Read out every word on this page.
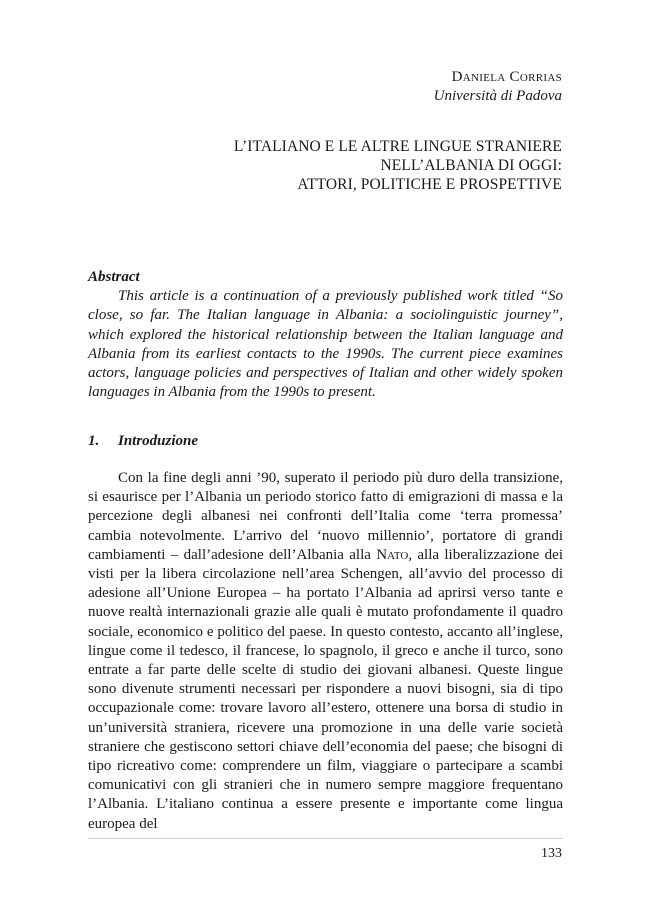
Daniela Corrias
Università di Padova
L’ITALIANO E LE ALTRE LINGUE STRANIERE
NELL’ALBANIA DI OGGI:
ATTORI, POLITICHE E PROSPETTIVE
Abstract

This article is a continuation of a previously published work titled “So close, so far. The Italian language in Albania: a sociolinguistic journey”, which explored the historical relationship between the Italian language and Albania from its earliest contacts to the 1990s. The current piece examines actors, language policies and perspectives of Italian and other widely spoken languages in Albania from the 1990s to present.

1. Introduzione

Con la fine degli anni ’90, superato il periodo più duro della transizione, si esaurisce per l’Albania un periodo storico fatto di emigrazioni di massa e la percezione degli albanesi nei confronti dell’Italia come ‘terra promessa’ cambia notevolmente. L’arrivo del ‘nuovo millennio’, portatore di grandi cambiamenti – dall’adesione dell’Albania alla Nato, alla liberalizzazione dei visti per la libera circolazione nell’area Schengen, all’avvio del processo di adesione all’Unione Europea – ha portato l’Albania ad aprirsi verso tante e nuove realtà internazionali grazie alle quali è mutato profondamente il quadro sociale, economico e politico del paese. In questo contesto, accanto all’inglese, lingue come il tedesco, il francese, lo spagnolo, il greco e anche il turco, sono entrate a far parte delle scelte di studio dei giovani albanesi. Queste lingue sono divenute strumenti necessari per rispondere a nuovi bisogni, sia di tipo occupazionale come: trovare lavoro all’estero, ottenere una borsa di studio in un’università straniera, ricevere una promozione in una delle varie società straniere che gestiscono settori chiave dell’economia del paese; che bisogni di tipo ricreativo come: comprendere un film, viaggiare o partecipare a scambi comunicativi con gli stranieri che in numero sempre maggiore frequentano l’Albania. L’italiano continua a essere presente e importante come lingua europea del

133
